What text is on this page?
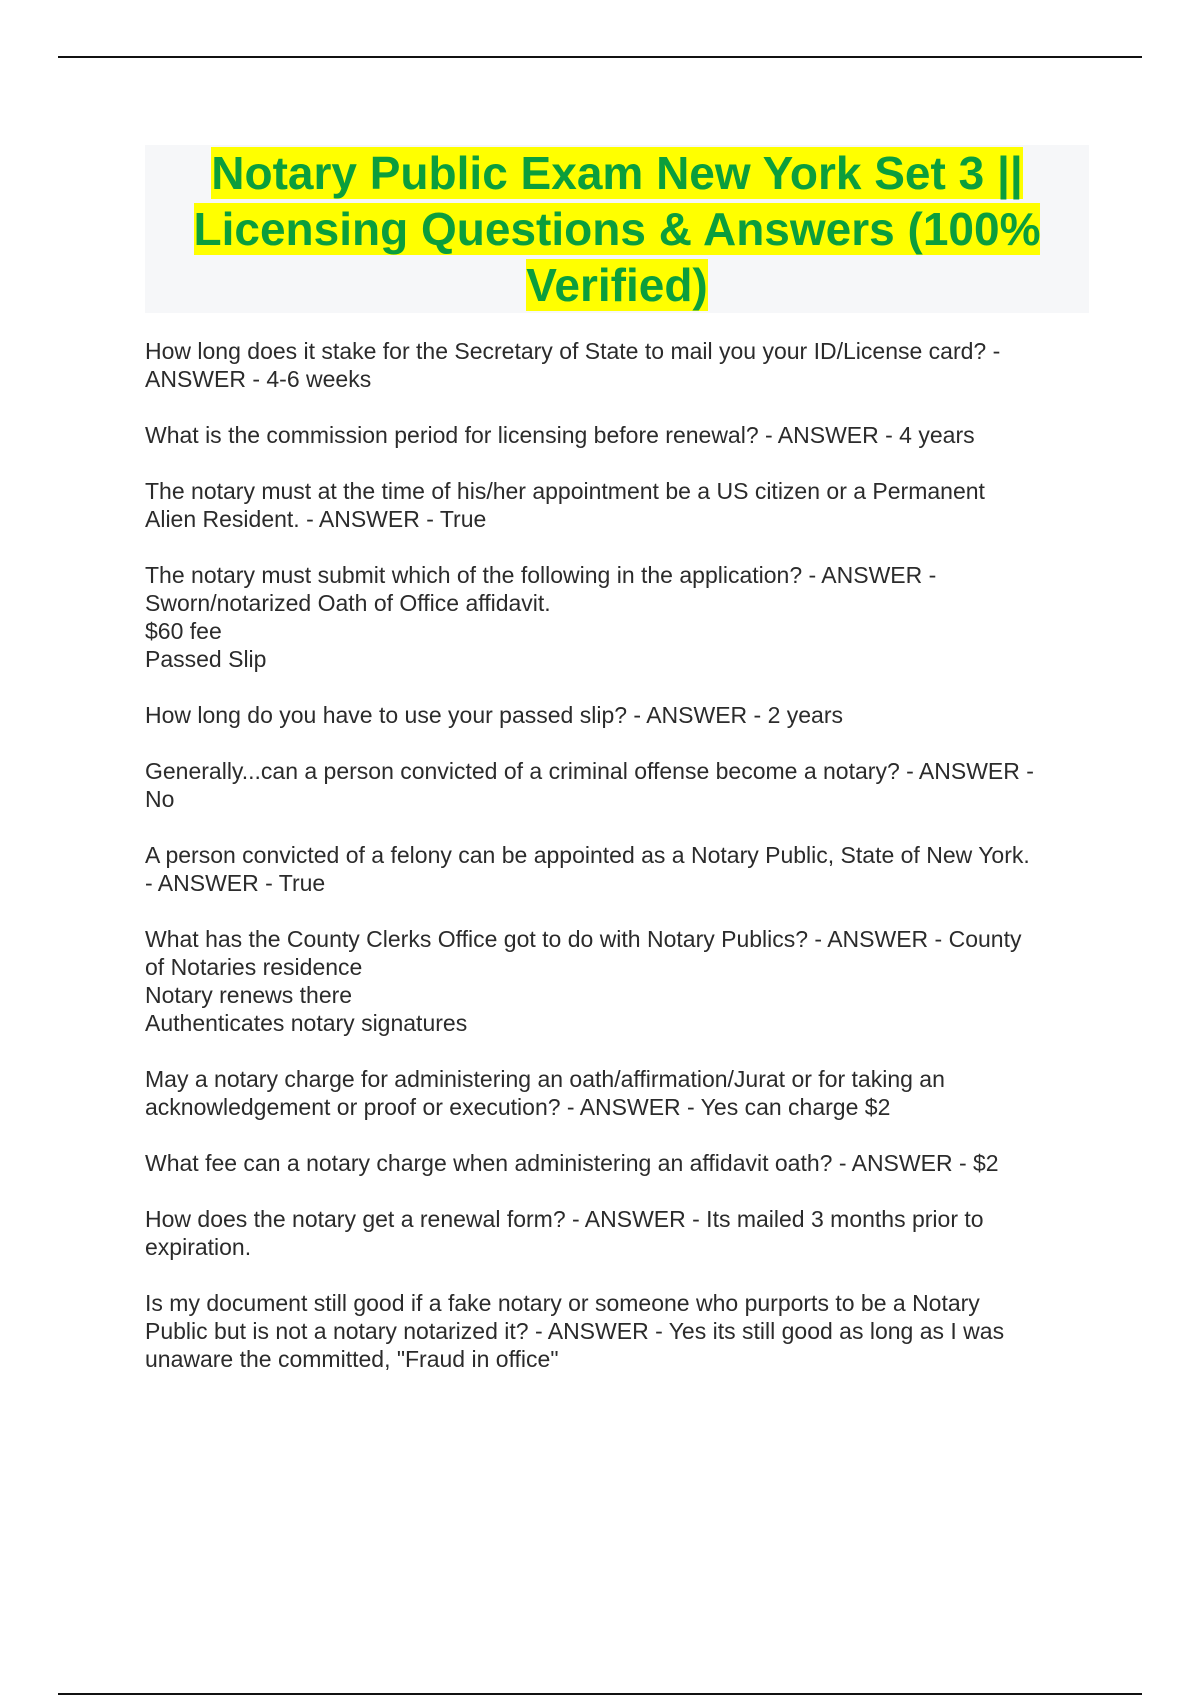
Notary Public Exam New York Set 3 ||
Licensing Questions & Answers (100%
Verified)

How long does it stake for the Secretary of State to mail you your ID/License card? -
ANSWER - 4-6 weeks

What is the commission period for licensing before renewal? - ANSWER - 4 years

The notary must at the time of his/her appointment be a US citizen or a Permanent
Alien Resident. - ANSWER - True

The notary must submit which of the following in the application? - ANSWER -
Sworn/notarized Oath of Office affidavit.
$60 fee
Passed Slip

How long do you have to use your passed slip? - ANSWER - 2 years

Generally...can a person convicted of a criminal offense become a notary? - ANSWER -
No

A person convicted of a felony can be appointed as a Notary Public, State of New York.
- ANSWER - True

What has the County Clerks Office got to do with Notary Publics? - ANSWER - County
of Notaries residence
Notary renews there
Authenticates notary signatures

May a notary charge for administering an oath/affirmation/Jurat or for taking an
acknowledgement or proof or execution? - ANSWER - Yes can charge $2

What fee can a notary charge when administering an affidavit oath? - ANSWER - $2

How does the notary get a renewal form? - ANSWER - Its mailed 3 months prior to
expiration.

Is my document still good if a fake notary or someone who purports to be a Notary
Public but is not a notary notarized it? - ANSWER - Yes its still good as long as I was
unaware the committed, "Fraud in office"
